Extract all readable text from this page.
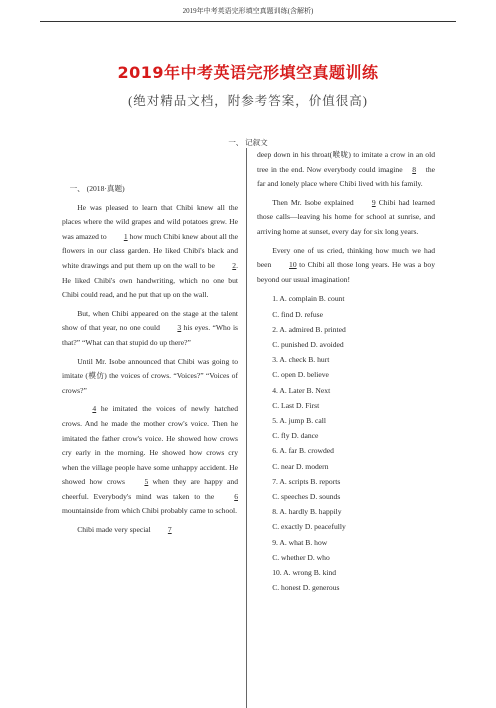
2019年中考英语完形填空真题训练(含解析)
2019年中考英语完形填空真题训练
(绝对精品文档，附参考答案，价值很高)
一、 记叙文

一、 (2018·真题)

He was pleased to learn that Chibi knew all the places where the wild grapes and wild potatoes grew. He was amazed to 1 how much Chibi knew about all the flowers in our class garden. He liked Chibi's black and white drawings and put them up on the wall to be 2. He liked Chibi's own handwriting, which no one but Chibi could read, and he put that up on the wall.

But, when Chibi appeared on the stage at the talent show of that year, no one could 3 his eyes. “Who is that?” “What can that stupid do up there?”

Until Mr. Isobe announced that Chibi was going to imitate (模仿) the voices of crows. “Voices?” “Voices of crows?”

4 he imitated the voices of newly hatched crows. And he made the mother crow's voice. Then he imitated the father crow's voice. He showed how crows cry early in the morning. He showed how crows cry when the village people have some unhappy accident. He showed how crows 5 when they are happy and cheerful. Everybody's mind was taken to the 6 mountainside from which Chibi probably came to school.

Chibi made very special 7

deep down in his throat(喉咙) to imitate a crow in an old tree in the end. Now everybody could imagine 8 the far and lonely place where Chibi lived with his family.

Then Mr. Isobe explained 9 Chibi had learned those calls—leaving his home for school at sunrise, and arriving home at sunset, every day for six long years.

Every one of us cried, thinking how much we had been 10 to Chibi all those long years. He was a boy beyond our usual imagination!

1. A. complain B. count

C. find D. refuse

2. A. admired B. printed

C. punished D. avoided

3. A. check B. hurt

C. open D. believe

4. A. Later B. Next

C. Last D. First

5. A. jump B. call

C. fly D. dance

6. A. far B. crowded

C. near D. modern

7. A. scripts B. reports

C. speeches D. sounds

8. A. hardly B. happily

C. exactly D. peacefully

9. A. what B. how

C. whether D. who

10. A. wrong B. kind

C. honest D. generous
